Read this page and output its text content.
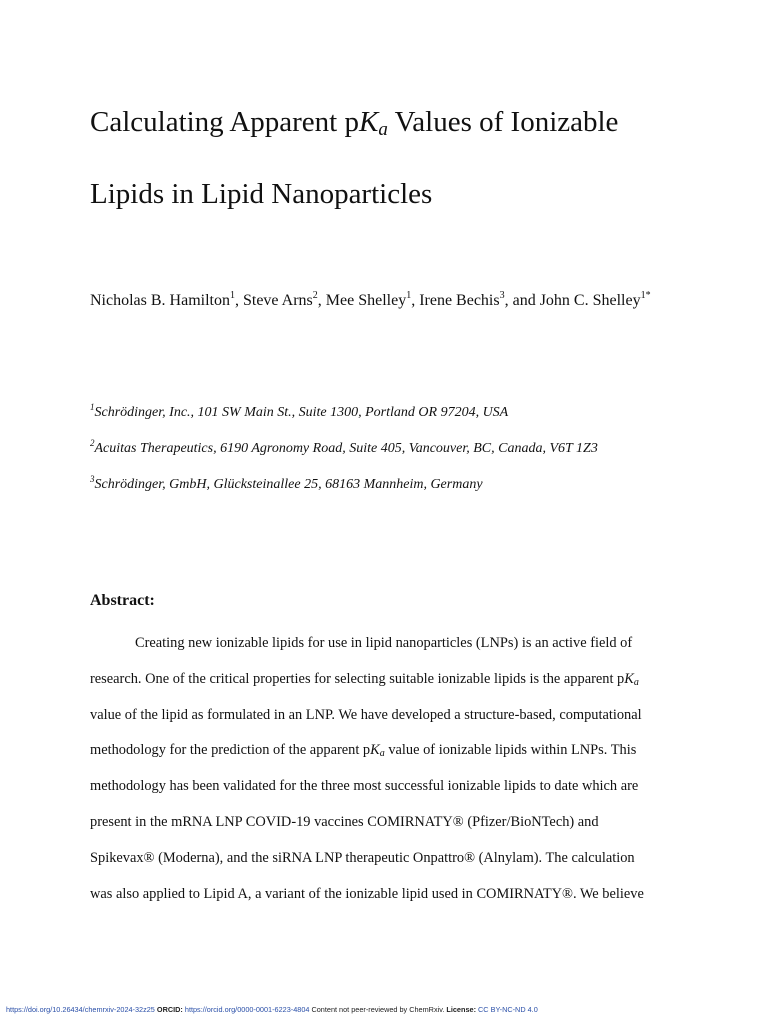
Calculating Apparent $pK_a$ Values of Ionizable
Lipids in Lipid Nanoparticles
Nicholas B. Hamilton$^1$, Steve Arns$^2$, Mee Shelley$^1$, Irene Bechis$^3$, and John C. Shelley$^{1*}$
$^1$Schrödinger, Inc., 101 SW Main St., Suite 1300, Portland OR 97204, USA
$^2$Acuitas Therapeutics, 6190 Agronomy Road, Suite 405, Vancouver, BC, Canada, V6T 1Z3
$^3$Schrödinger, GmbH, Glücksteinallee 25, 68163 Mannheim, Germany
Abstract:
Creating new ionizable lipids for use in lipid nanoparticles (LNPs) is an active field of
research. One of the critical properties for selecting suitable ionizable lipids is the apparent $pK_a$
value of the lipid as formulated in an LNP. We have developed a structure-based, computational
methodology for the prediction of the apparent $pK_a$ value of ionizable lipids within LNPs. This
methodology has been validated for the three most successful ionizable lipids to date which are
present in the mRNA LNP COVID-19 vaccines COMIRNATY® (Pfizer/BioNTech) and
Spikevax® (Moderna), and the siRNA LNP therapeutic Onpattro® (Alnylam). The calculation
was also applied to Lipid A, a variant of the ionizable lipid used in COMIRNATY®. We believe
https://doi.org/10.26434/chemrxiv-2024-32z25 ORCID: https://orcid.org/0000-0001-6223-4804 Content not peer-reviewed by ChemRxiv. License: CC BY-NC-ND 4.0
